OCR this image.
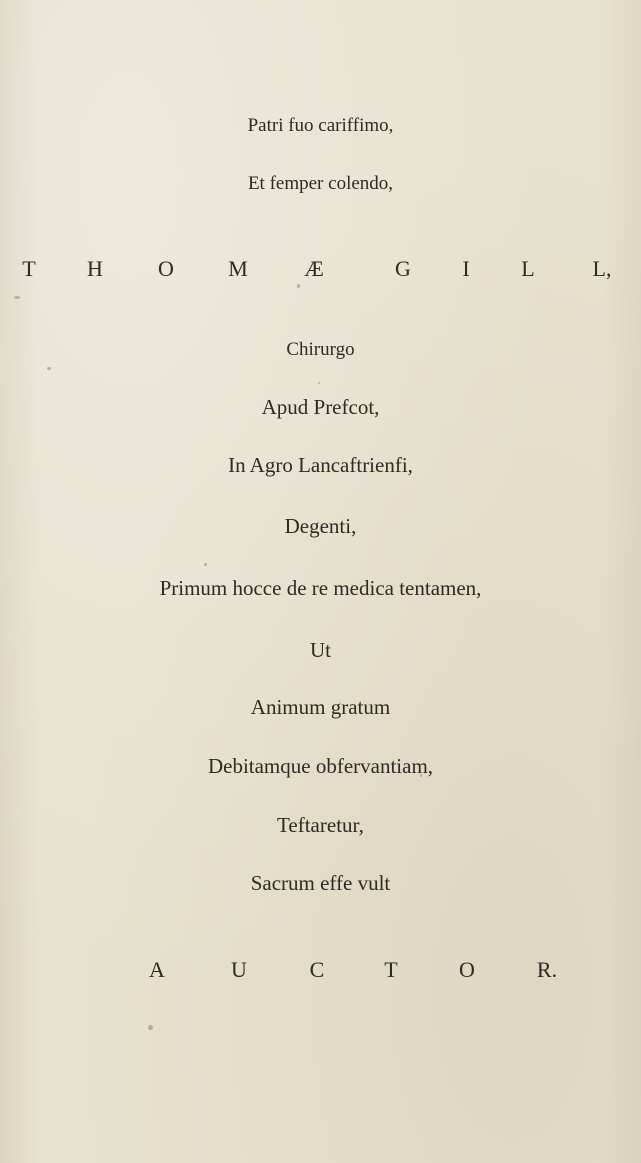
Patri fuo cariffimo,
Et femper colendo,
T H	O M	Æ	G I L	L,
Chirurgo
Apud Prefcot,
In Agro Lancaftrienfi,
Degenti,
Primum hocce de re medica tentamen,
Ut
Animum gratum
Debitamque obfervantiam,
Teftaretur,
Sacrum effe vult
A	U	C	T	O	R.
